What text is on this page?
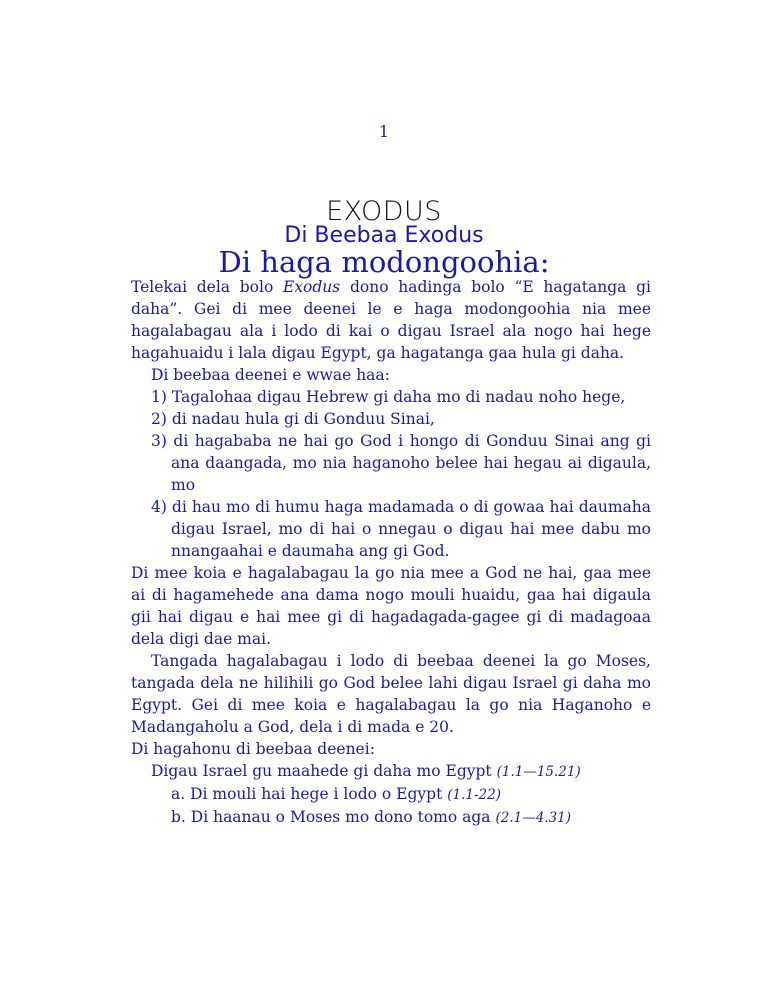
1
EXODUS
Di Beebaa Exodus
Di haga modongoohia:

Telekai dela bolo Exodus dono hadinga bolo “E hagatanga gi daha”. Gei di mee deenei le e haga modongoohia nia mee hagalabagau ala i lodo di kai o digau Israel ala nogo hai hege hagahuaidu i lala digau Egypt, ga hagatanga gaa hula gi daha.

Di beebaa deenei e wwae haa:

1) Tagalohaa digau Hebrew gi daha mo di nadau noho hege,

2) di nadau hula gi di Gonduu Sinai,

3) di hagababa ne hai go God i hongo di Gonduu Sinai ang gi ana daangada, mo nia haganoho belee hai hegau ai digaula, mo

4) di hau mo di humu haga madamada o di gowaa hai daumaha digau Israel, mo di hai o nnegau o digau hai mee dabu mo nnangaahai e daumaha ang gi God.

Di mee koia e hagalabagau la go nia mee a God ne hai, gaa mee ai di hagamehede ana dama nogo mouli huaidu, gaa hai digaula gii hai digau e hai mee gi di hagadagada-gagee gi di madagoaa dela digi dae mai.

Tangada hagalabagau i lodo di beebaa deenei la go Moses, tangada dela ne hilihili go God belee lahi digau Israel gi daha mo Egypt. Gei di mee koia e hagalabagau la go nia Haganoho e Madangaholu a God, dela i di mada e 20.

Di hagahonu di beebaa deenei:

Digau Israel gu maahede gi daha mo Egypt (1.1—15.21)

a. Di mouli hai hege i lodo o Egypt (1.1-22)

b. Di haanau o Moses mo dono tomo aga (2.1—4.31)
